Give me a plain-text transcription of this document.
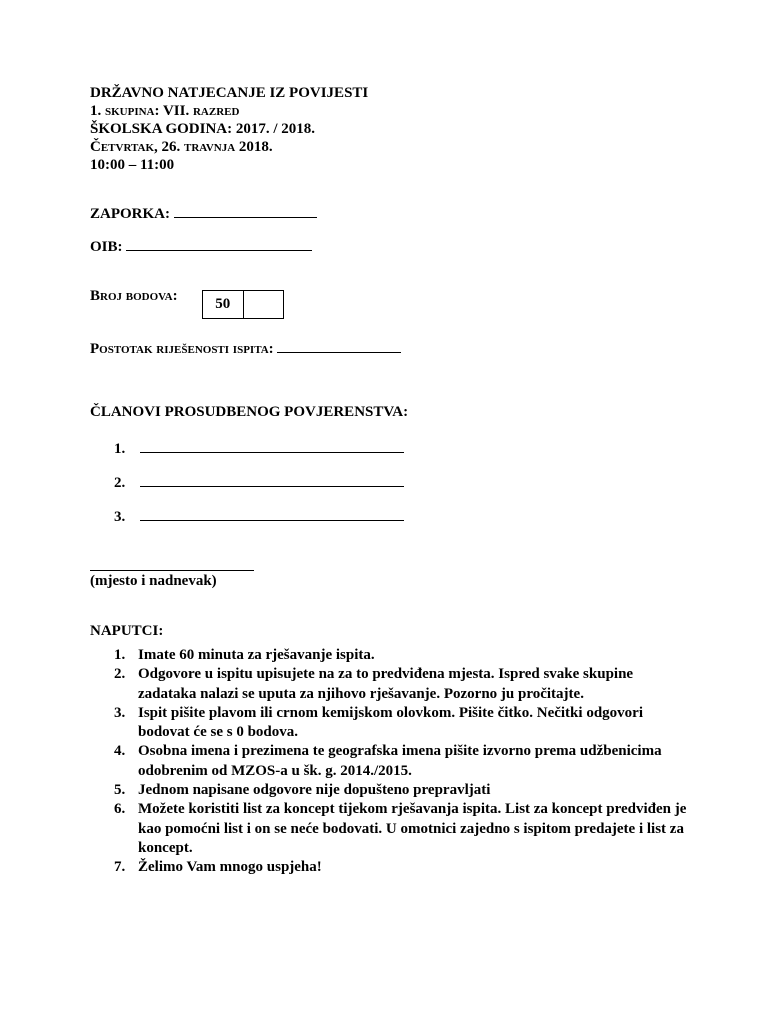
DRŽAVNO NATJECANJE IZ POVIJESTI
1. skupina: VII. razred
ŠKOLSKA GODINA: 2017. / 2018.
Četvrtak, 26. travnja 2018.
10:00 – 11:00
ZAPORKA:
OIB:
Broj bodova:	50
Postotak riješenosti ispita:
ČLANOVI PROSUDBENOG POVJERENSTVA:
1.
2.
3.
(mjesto i nadnevak)
NAPUTCI:
1. Imate 60 minuta za rješavanje ispita.
2. Odgovore u ispitu upisujete na za to predviđena mjesta. Ispred svake skupine zadataka nalazi se uputa za njihovo rješavanje. Pozorno ju pročitajte.
3. Ispit pišite plavom ili crnom kemijskom olovkom. Pišite čitko. Nečitki odgovori bodovat će se s 0 bodova.
4. Osobna imena i prezimena te geografska imena pišite izvorno prema udžbenicima odobrenim od MZOS-a u šk. g. 2014./2015.
5. Jednom napisane odgovore nije dopušteno prepravljati
6. Možete koristiti list za koncept tijekom rješavanja ispita. List za koncept predviđen je kao pomoćni list i on se neće bodovati. U omotnici zajedno s ispitom predajete i list za koncept.
7. Želimo Vam mnogo uspjeha!
